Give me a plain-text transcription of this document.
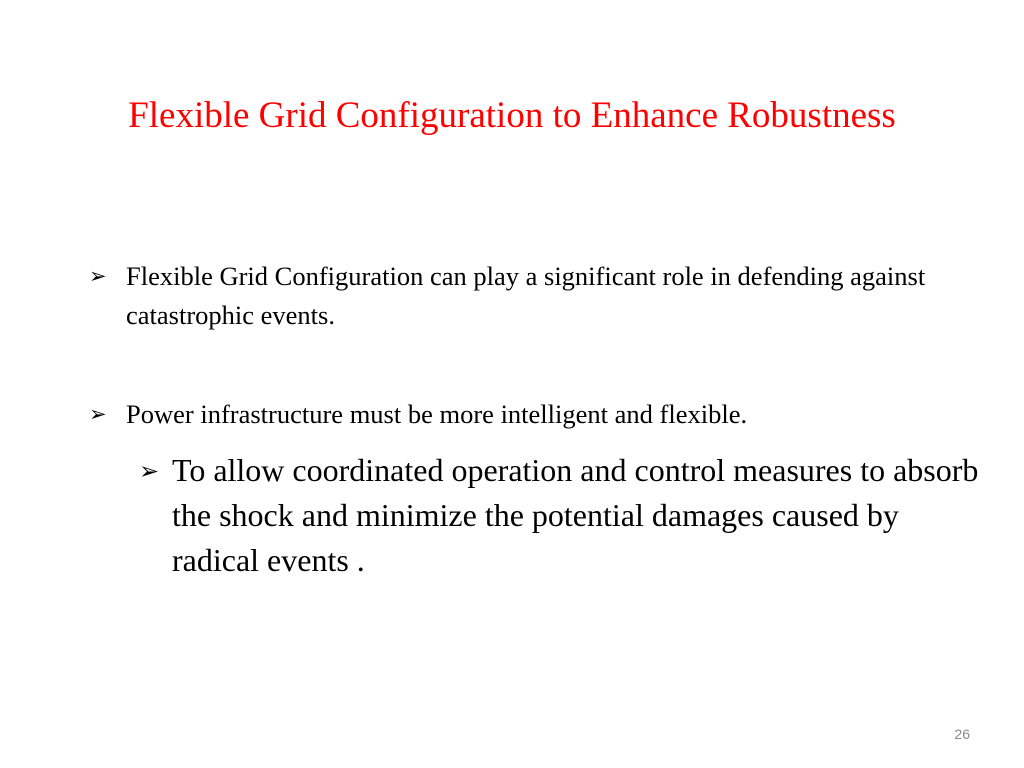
Flexible Grid Configuration to Enhance Robustness
➢ Flexible Grid Configuration can play a significant role in defending against catastrophic events.
➢ Power infrastructure must be more intelligent and flexible.
➢ To allow coordinated operation and control measures to absorb the shock and minimize the potential damages caused by radical events .
26
